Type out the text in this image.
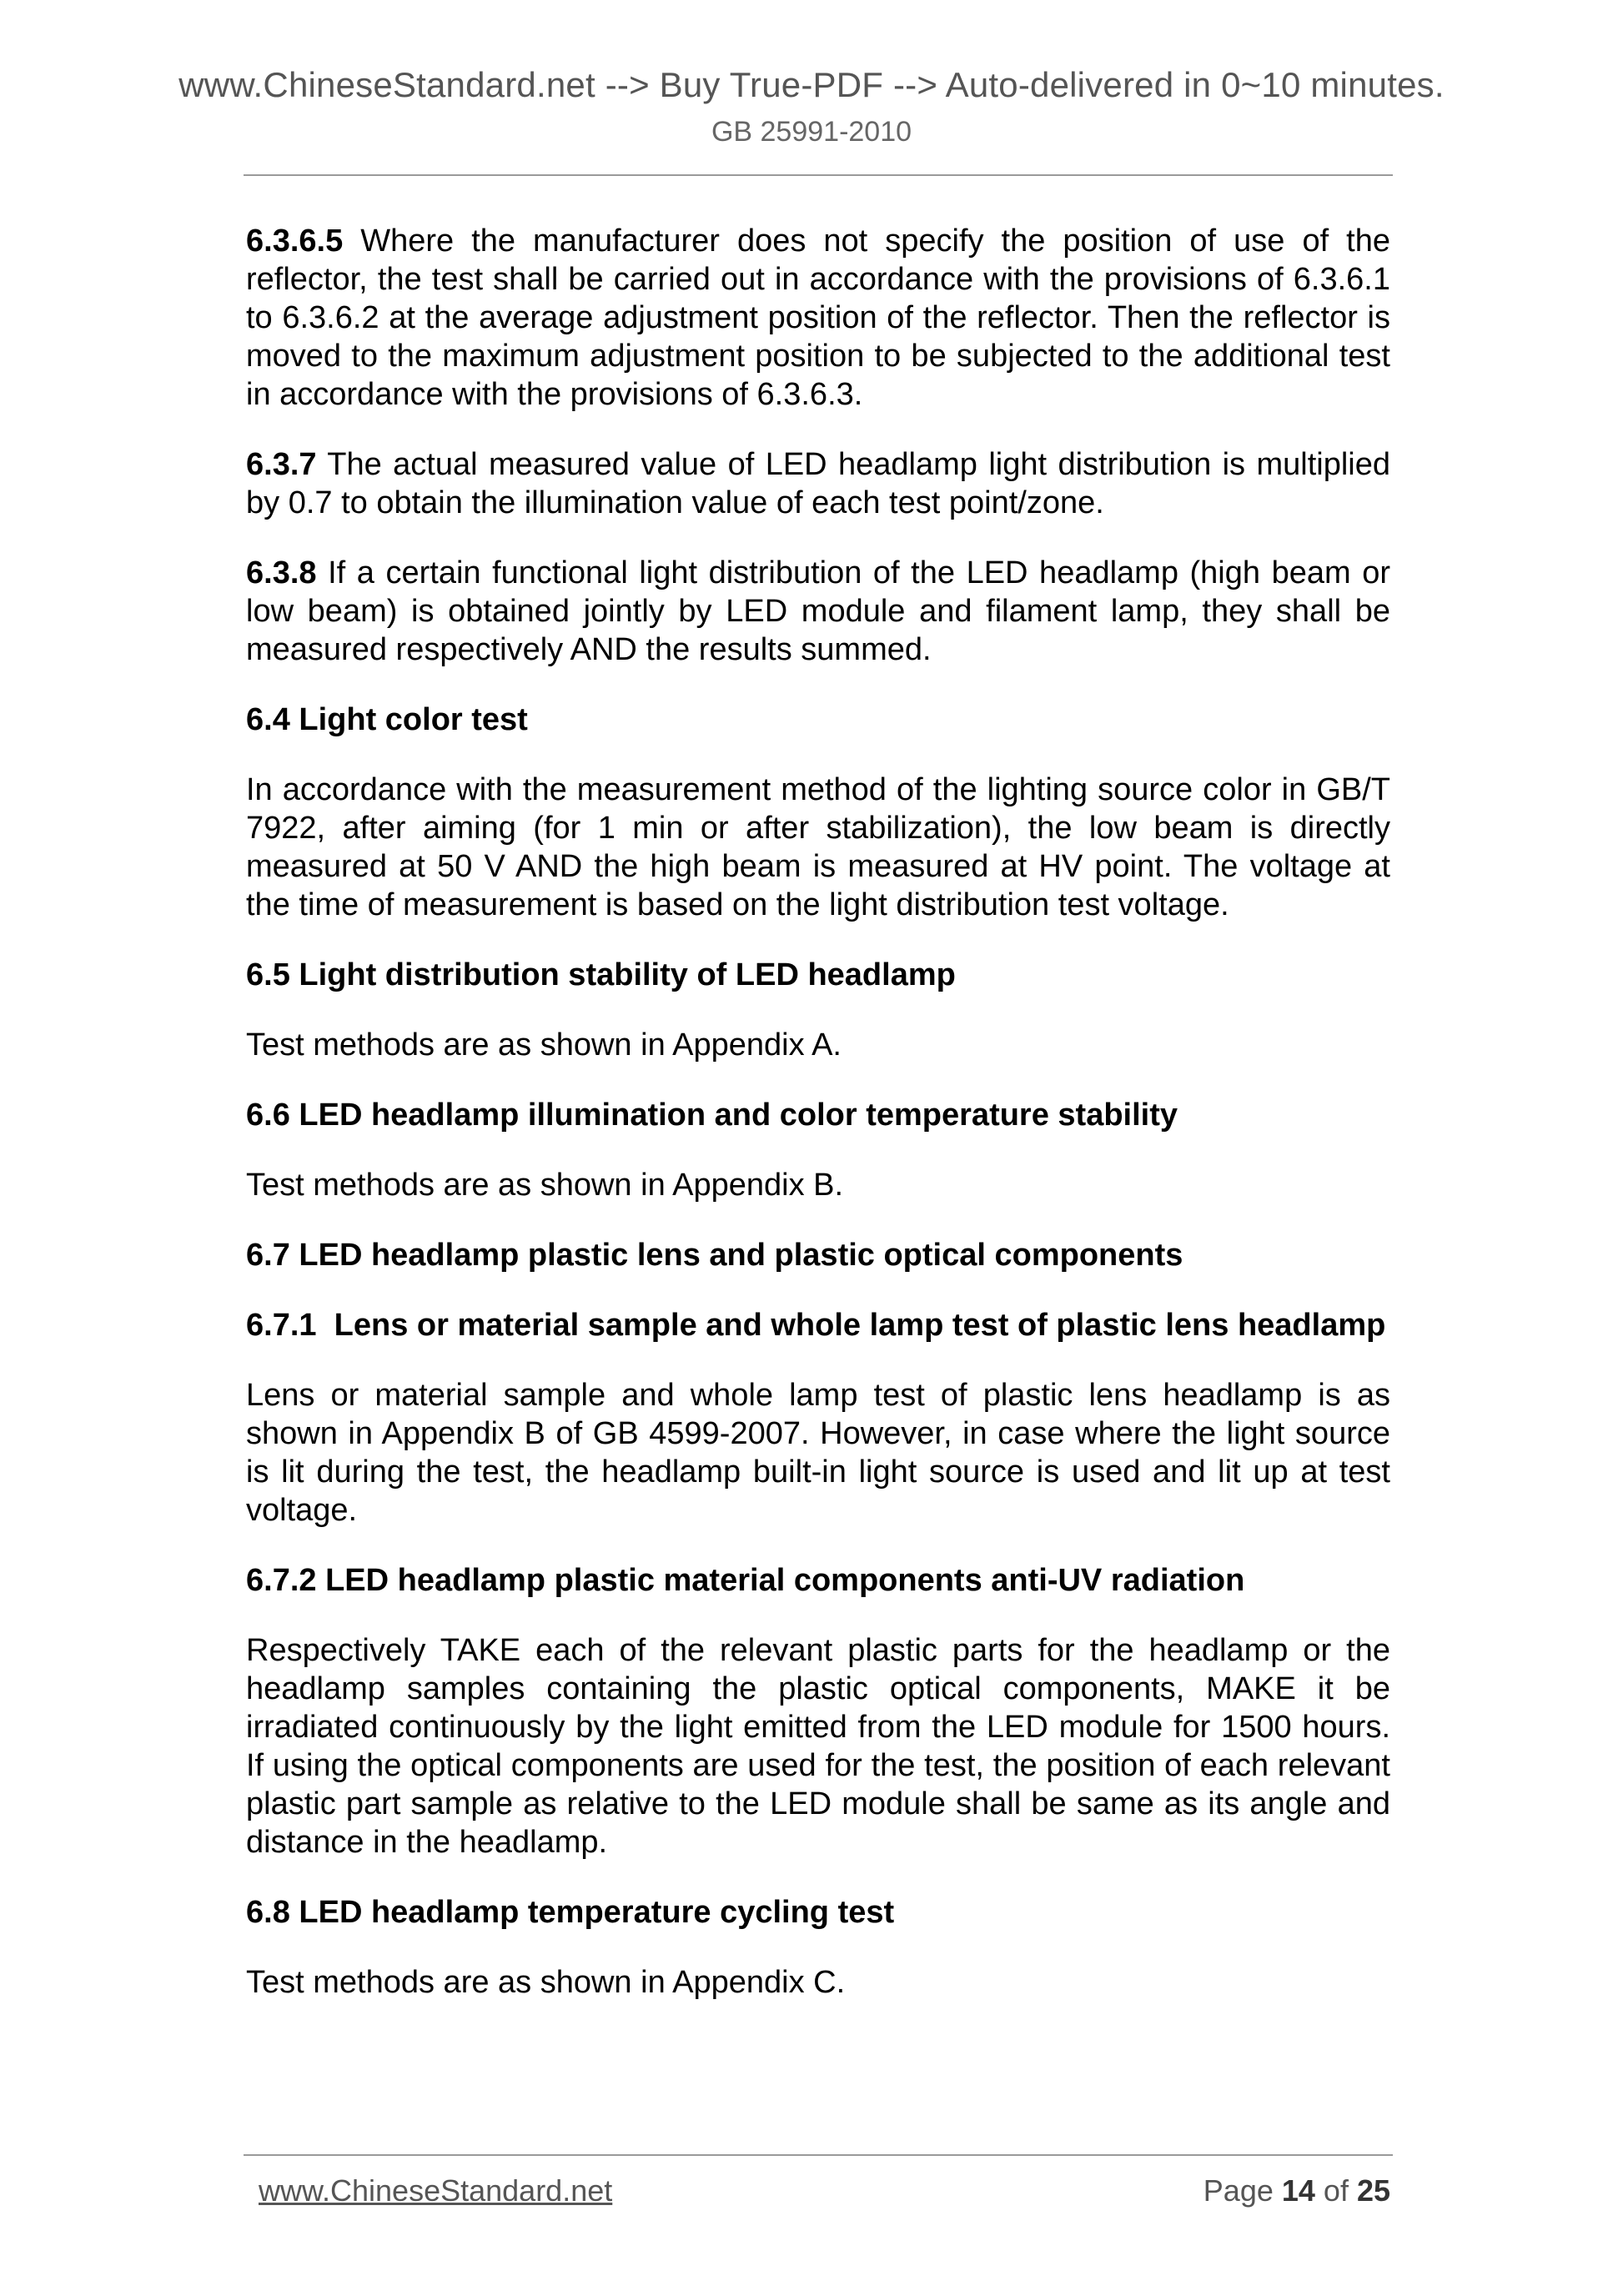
www.ChineseStandard.net --> Buy True-PDF --> Auto-delivered in 0~10 minutes.
GB 25991-2010

6.3.6.5 Where the manufacturer does not specify the position of use of the reflector, the test shall be carried out in accordance with the provisions of 6.3.6.1 to 6.3.6.2 at the average adjustment position of the reflector. Then the reflector is moved to the maximum adjustment position to be subjected to the additional test in accordance with the provisions of 6.3.6.3.

6.3.7 The actual measured value of LED headlamp light distribution is multiplied by 0.7 to obtain the illumination value of each test point/zone.

6.3.8 If a certain functional light distribution of the LED headlamp (high beam or low beam) is obtained jointly by LED module and filament lamp, they shall be measured respectively AND the results summed.

6.4 Light color test

In accordance with the measurement method of the lighting source color in GB/T 7922, after aiming (for 1 min or after stabilization), the low beam is directly measured at 50 V AND the high beam is measured at HV point. The voltage at the time of measurement is based on the light distribution test voltage.

6.5 Light distribution stability of LED headlamp

Test methods are as shown in Appendix A.

6.6 LED headlamp illumination and color temperature stability

Test methods are as shown in Appendix B.

6.7 LED headlamp plastic lens and plastic optical components

6.7.1  Lens or material sample and whole lamp test of plastic lens headlamp

Lens or material sample and whole lamp test of plastic lens headlamp is as shown in Appendix B of GB 4599-2007. However, in case where the light source is lit during the test, the headlamp built-in light source is used and lit up at test voltage.

6.7.2 LED headlamp plastic material components anti-UV radiation

Respectively TAKE each of the relevant plastic parts for the headlamp or the headlamp samples containing the plastic optical components, MAKE it be irradiated continuously by the light emitted from the LED module for 1500 hours. If using the optical components are used for the test, the position of each relevant plastic part sample as relative to the LED module shall be same as its angle and distance in the headlamp.

6.8 LED headlamp temperature cycling test

Test methods are as shown in Appendix C.

www.ChineseStandard.net	Page 14 of 25
